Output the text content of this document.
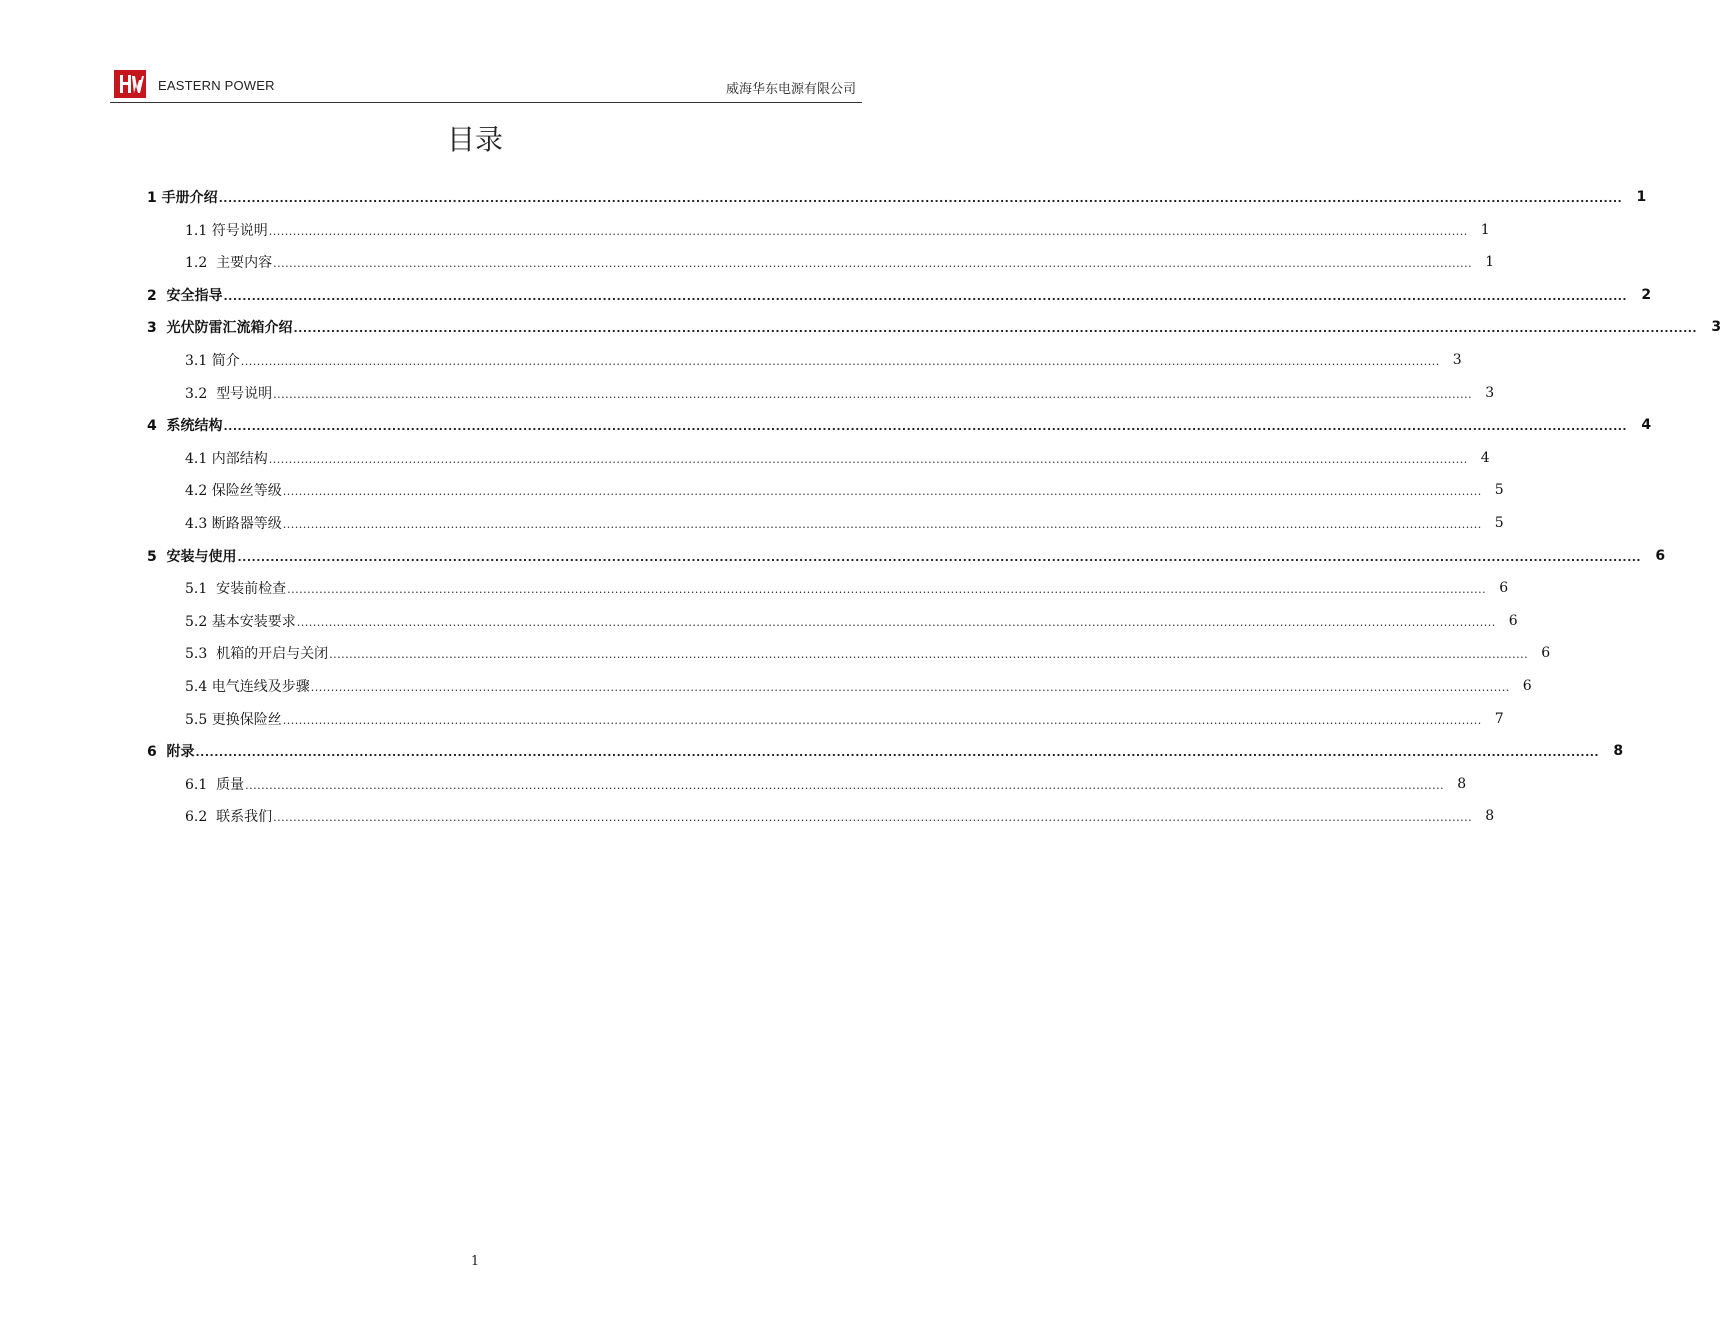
EASTERN POWER	威海华东电源有限公司
目录
1 手册介绍 ............................................................................................................................................................................................................................................................................................................ 1
1.1 符号说明 ............................................................................................................................................................................................................................................................................................................ 1
1.2  主要内容 ............................................................................................................................................................................................................................................................................................................ 1
2  安全指导 ............................................................................................................................................................................................................................................................................................................ 2
3  光伏防雷汇流箱介绍 ............................................................................................................................................................................................................................................................................................................ 3
3.1 简介 ............................................................................................................................................................................................................................................................................................................ 3
3.2  型号说明 ............................................................................................................................................................................................................................................................................................................ 3
4  系统结构 ............................................................................................................................................................................................................................................................................................................ 4
4.1 内部结构 ............................................................................................................................................................................................................................................................................................................ 4
4.2 保险丝等级 ............................................................................................................................................................................................................................................................................................................ 5
4.3 断路器等级 ............................................................................................................................................................................................................................................................................................................ 5
5  安装与使用 ............................................................................................................................................................................................................................................................................................................ 6
5.1  安装前检查 ............................................................................................................................................................................................................................................................................................................ 6
5.2 基本安装要求 ............................................................................................................................................................................................................................................................................................................ 6
5.3  机箱的开启与关闭 ............................................................................................................................................................................................................................................................................................................ 6
5.4 电气连线及步骤 ............................................................................................................................................................................................................................................................................................................ 6
5.5 更换保险丝 ............................................................................................................................................................................................................................................................................................................ 7
6  附录 ............................................................................................................................................................................................................................................................................................................ 8
6.1  质量 ............................................................................................................................................................................................................................................................................................................ 8
6.2  联系我们 ............................................................................................................................................................................................................................................................................................................ 8
1
